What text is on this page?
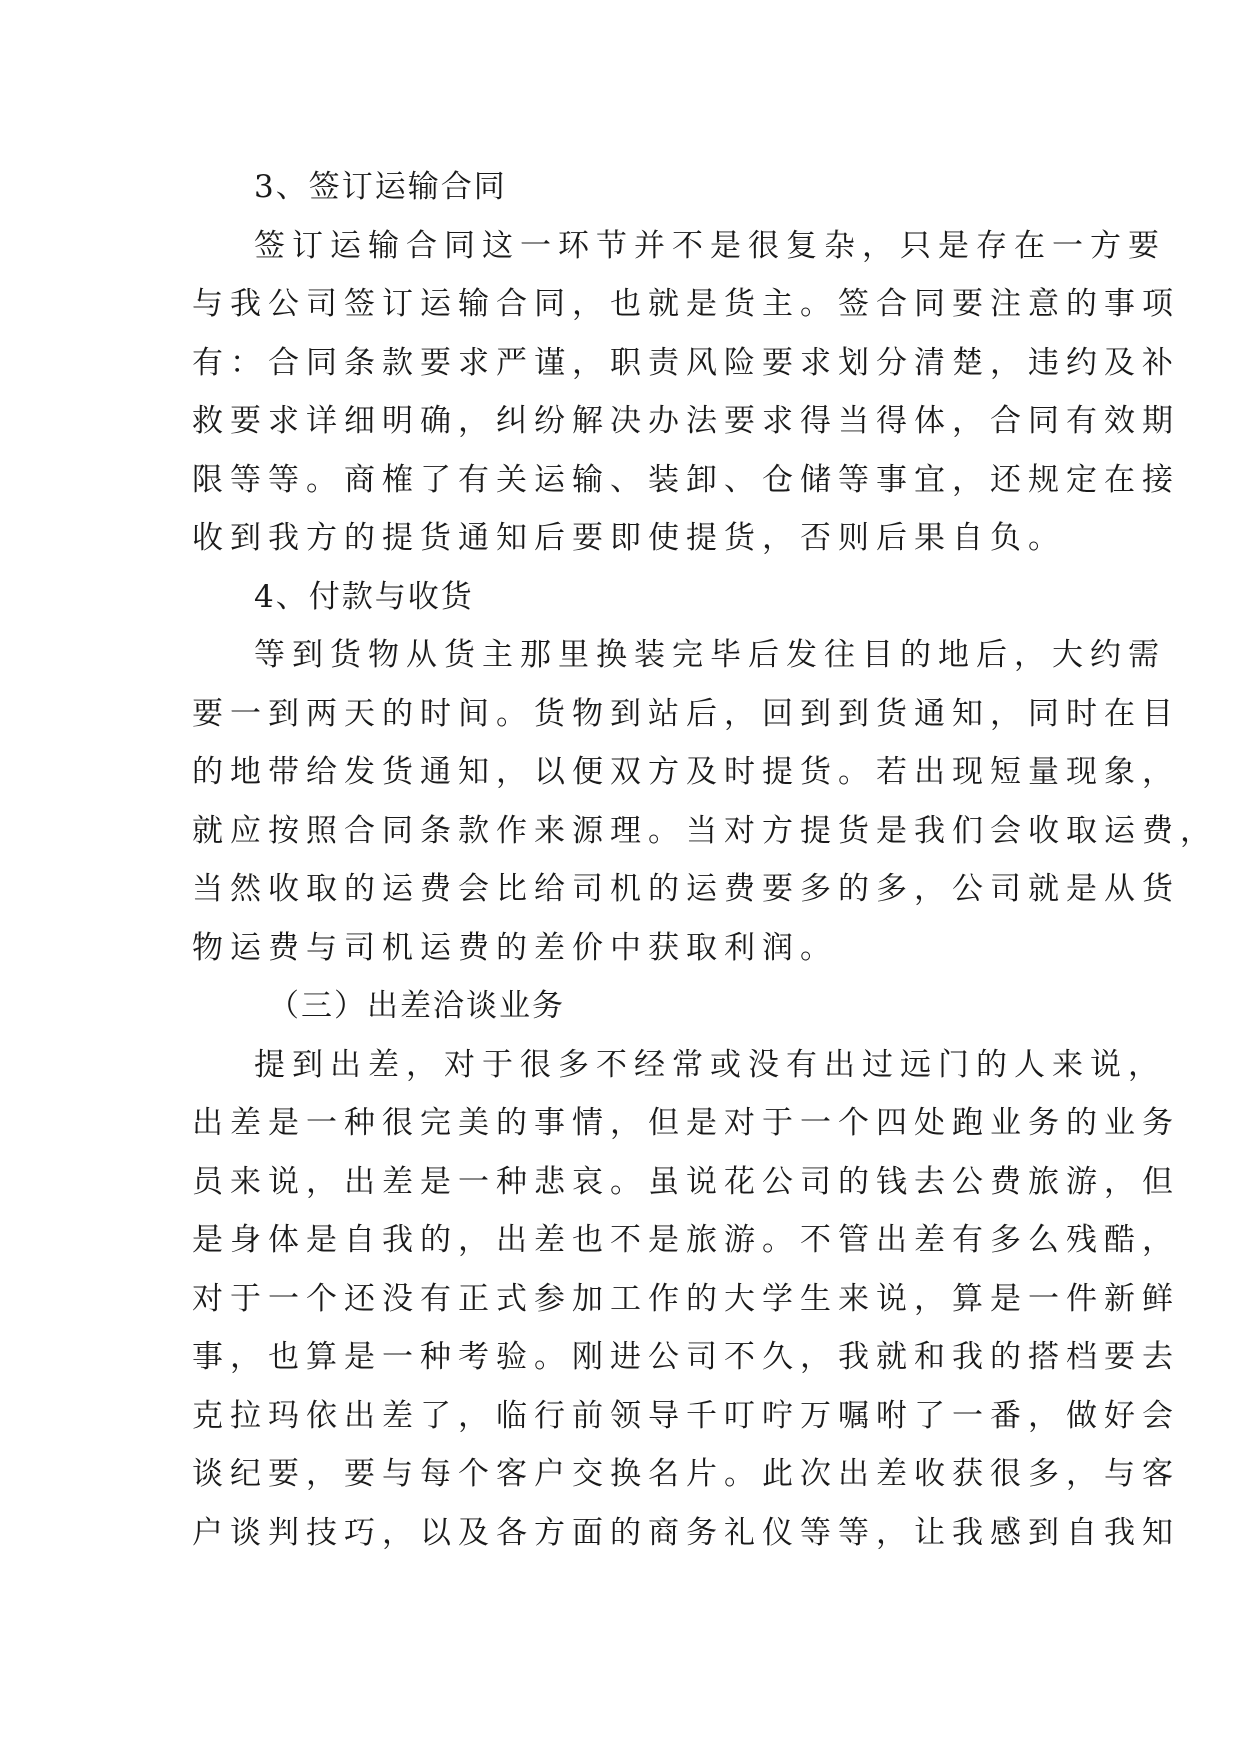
3、签订运输合同
签订运输合同这一环节并不是很复杂，只是存在一方要
与我公司签订运输合同，也就是货主。签合同要注意的事项
有：合同条款要求严谨，职责风险要求划分清楚，违约及补
救要求详细明确，纠纷解决办法要求得当得体，合同有效期
限等等。商榷了有关运输、装卸、仓储等事宜，还规定在接
收到我方的提货通知后要即使提货，否则后果自负。
4、付款与收货
等到货物从货主那里换装完毕后发往目的地后，大约需
要一到两天的时间。货物到站后，回到到货通知，同时在目
的地带给发货通知，以便双方及时提货。若出现短量现象，
就应按照合同条款作来源理。当对方提货是我们会收取运费，
当然收取的运费会比给司机的运费要多的多，公司就是从货
物运费与司机运费的差价中获取利润。
（三）出差洽谈业务
提到出差，对于很多不经常或没有出过远门的人来说，
出差是一种很完美的事情，但是对于一个四处跑业务的业务
员来说，出差是一种悲哀。虽说花公司的钱去公费旅游，但
是身体是自我的，出差也不是旅游。不管出差有多么残酷，
对于一个还没有正式参加工作的大学生来说，算是一件新鲜
事，也算是一种考验。刚进公司不久，我就和我的搭档要去
克拉玛依出差了，临行前领导千叮咛万嘱咐了一番，做好会
谈纪要，要与每个客户交换名片。此次出差收获很多，与客
户谈判技巧，以及各方面的商务礼仪等等，让我感到自我知
